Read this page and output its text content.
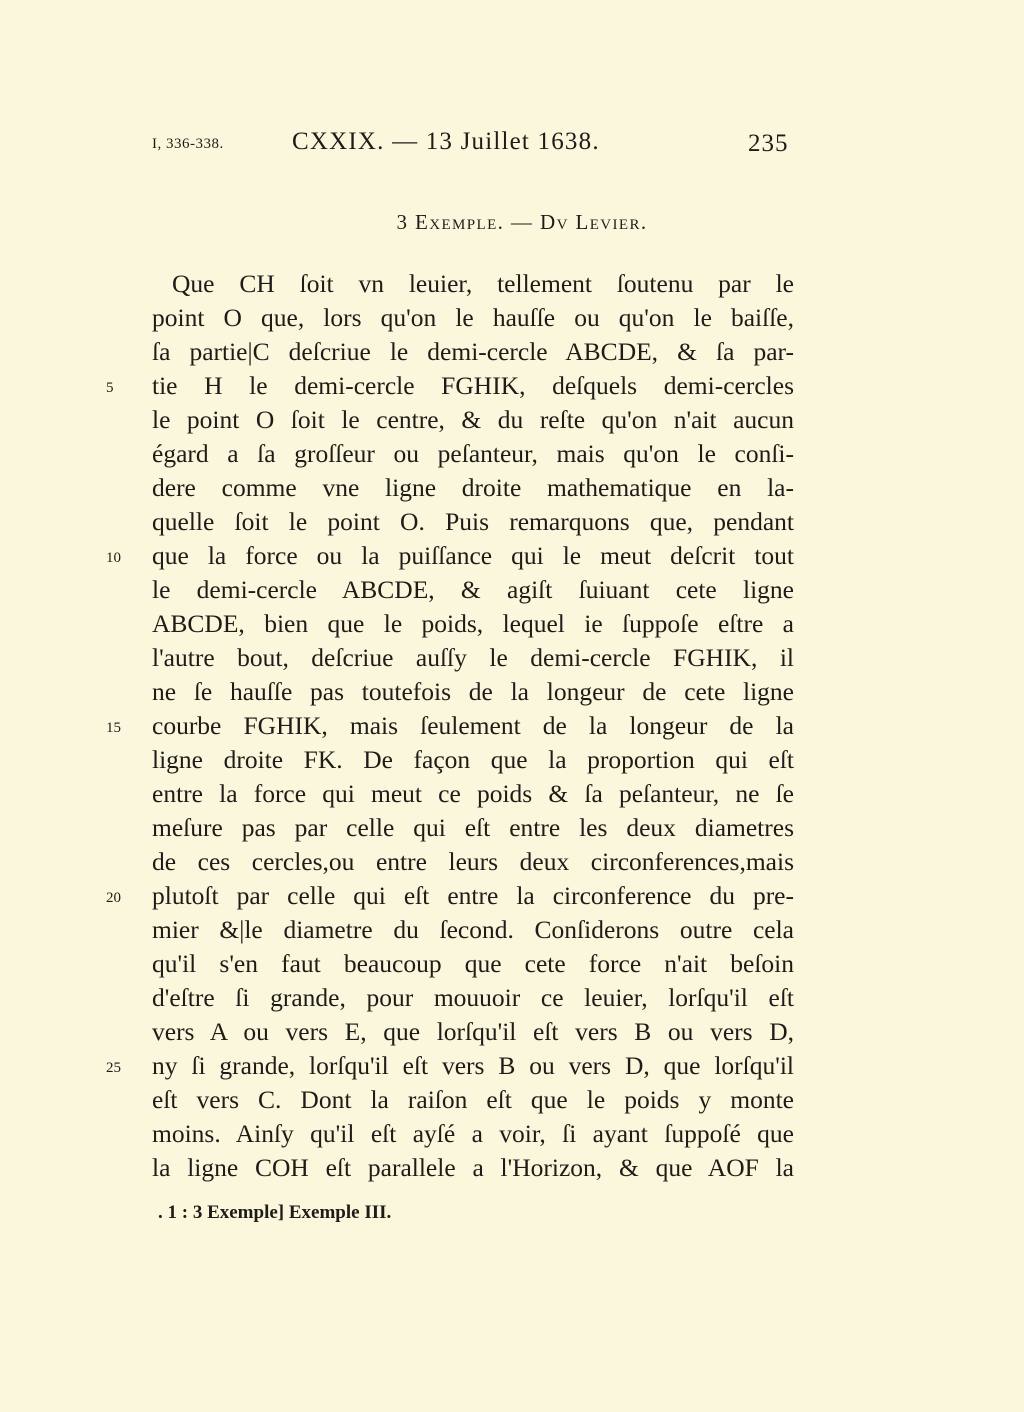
I, 336-338.	CXXIX. — 13 Juillet 1638.	235
3 Exemple. — Dv Levier.
Que CH ſoit vn leuier, tellement ſoutenu par le
point O que, lors qu'on le hauſſe ou qu'on le baiſſe,
ſa partie|C deſcriue le demi-cercle ABCDE, & ſa par-
5	tie H le demi-cercle FGHIK, deſquels demi-cercles
le point O ſoit le centre, & du reſte qu'on n'ait aucun
égard a ſa groſſeur ou peſanteur, mais qu'on le conſi-
dere comme vne ligne droite mathematique en la-
quelle ſoit le point O. Puis remarquons que, pendant
10	que la force ou la puiſſance qui le meut deſcrit tout
le demi-cercle ABCDE, & agiſt ſuiuant cete ligne
ABCDE, bien que le poids, lequel ie ſuppoſe eſtre a
l'autre bout, deſcriue auſſy le demi-cercle FGHIK, il
ne ſe hauſſe pas toutefois de la longeur de cete ligne
15	courbe FGHIK, mais ſeulement de la longeur de la
ligne droite FK. De façon que la proportion qui eſt
entre la force qui meut ce poids & ſa peſanteur, ne ſe
meſure pas par celle qui eſt entre les deux diametres
de ces cercles,ou entre leurs deux circonferences,mais
20	plutoſt par celle qui eſt entre la circonference du pre-
mier &|le diametre du ſecond. Conſiderons outre cela
qu'il s'en faut beaucoup que cete force n'ait beſoin
d'eſtre ſi grande, pour mouuoir ce leuier, lorſqu'il eſt
vers A ou vers E, que lorſqu'il eſt vers B ou vers D,
25	ny ſi grande, lorſqu'il eſt vers B ou vers D, que lorſqu'il
eſt vers C. Dont la raiſon eſt que le poids y monte
moins. Ainſy qu'il eſt ayſé a voir, ſi ayant ſuppoſé que
la ligne COH eſt parallele a l'Horizon, & que AOF la
. 1 : 3 Exemple] Exemple III.
